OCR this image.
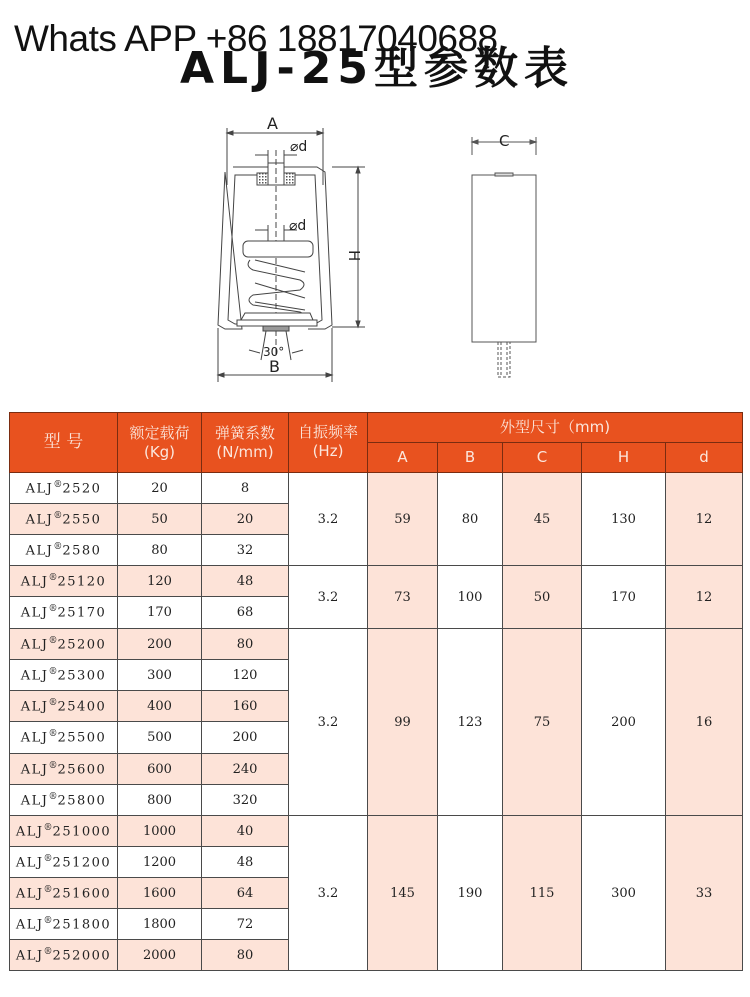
Whats APP +86 18817040688
ALJ-25型参数表
A
⌀d
⌀d
H
30°
B
C
型 号	额定载荷
(Kg)

弹簧系数
(N/mm)

自振频率
(Hz)
	外型尺寸（mm)
				A	B	C	H	d
ALJ®2520	20	8	3.2	59	80	45	130	12
ALJ®2550	50	20						
ALJ®2580	80	32						
ALJ®25120	120	48	3.2	73	100	50	170	12
ALJ®25170	170	68						
ALJ®25200	200	80	3.2	99	123	75	200	16
ALJ®25300	300	120						
ALJ®25400	400	160						
ALJ®25500	500	200						
ALJ®25600	600	240						
ALJ®25800	800	320						
ALJ®251000	1000	40	3.2	145	190	115	300	33
ALJ®251200	1200	48						
ALJ®251600	1600	64						
ALJ®251800	1800	72						
ALJ®252000	2000	80						
